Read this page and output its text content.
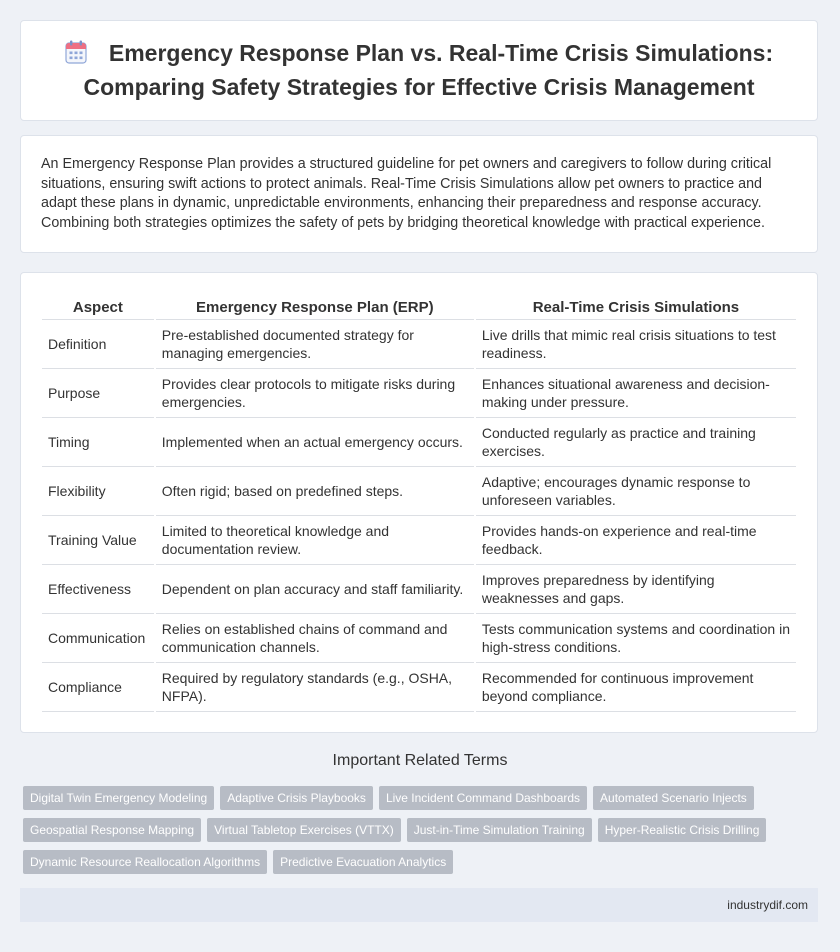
Emergency Response Plan vs. Real-Time Crisis Simulations: Comparing Safety Strategies for Effective Crisis Management

An Emergency Response Plan provides a structured guideline for pet owners and caregivers to follow during critical situations, ensuring swift actions to protect animals. Real-Time Crisis Simulations allow pet owners to practice and adapt these plans in dynamic, unpredictable environments, enhancing their preparedness and response accuracy. Combining both strategies optimizes the safety of pets by bridging theoretical knowledge with practical experience.

Aspect	Emergency Response Plan (ERP)	Real-Time Crisis Simulations
Definition	Pre-established documented strategy for managing emergencies.	Live drills that mimic real crisis situations to test readiness.
Purpose	Provides clear protocols to mitigate risks during emergencies.	Enhances situational awareness and decision-making under pressure.
Timing	Implemented when an actual emergency occurs.	Conducted regularly as practice and training exercises.
Flexibility	Often rigid; based on predefined steps.	Adaptive; encourages dynamic response to unforeseen variables.
Training Value	Limited to theoretical knowledge and documentation review.	Provides hands-on experience and real-time feedback.
Effectiveness	Dependent on plan accuracy and staff familiarity.	Improves preparedness by identifying weaknesses and gaps.
Communication	Relies on established chains of command and communication channels.	Tests communication systems and coordination in high-stress conditions.
Compliance	Required by regulatory standards (e.g., OSHA, NFPA).	Recommended for continuous improvement beyond compliance.
Important Related Terms
Digital Twin Emergency Modeling	Adaptive Crisis Playbooks	Live Incident Command Dashboards	Automated Scenario Injects
Geospatial Response Mapping	Virtual Tabletop Exercises (VTTX)	Just-in-Time Simulation Training	Hyper-Realistic Crisis Drilling
Dynamic Resource Reallocation Algorithms	Predictive Evacuation Analytics
industrydif.com
